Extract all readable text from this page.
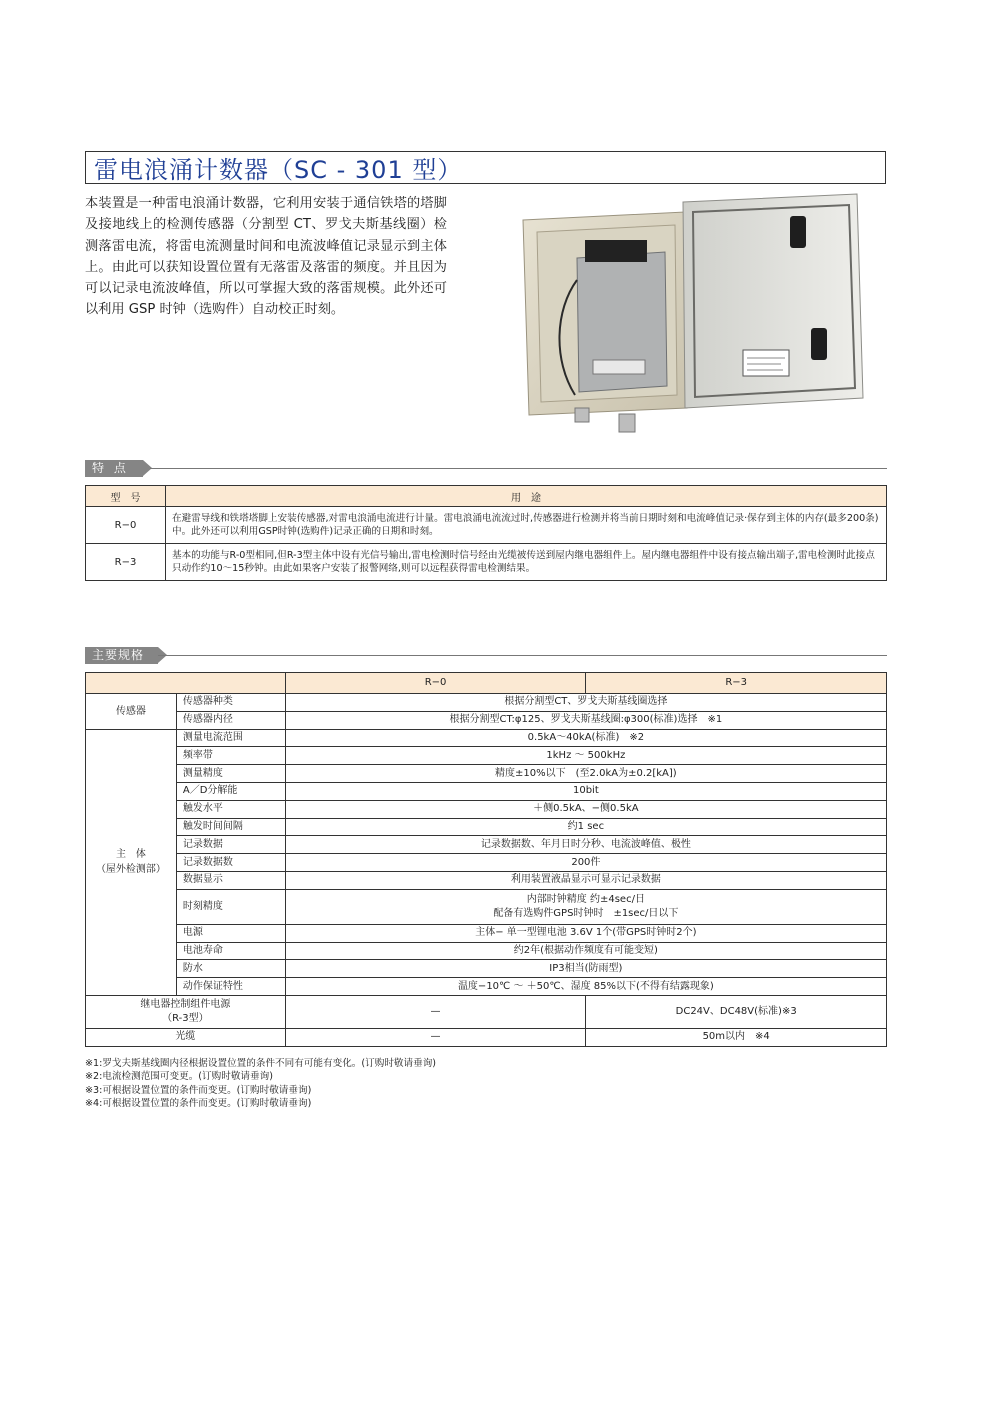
雷电浪涌计数器（SC - 301 型）
本装置是一种雷电浪涌计数器，它利用安装于通信铁塔的塔脚及接地线上的检测传感器（分割型 CT、罗戈夫斯基线圈）检测落雷电流，将雷电流测量时间和电流波峰值记录显示到主体上。由此可以获知设置位置有无落雷及落雷的频度。并且因为可以记录电流波峰值，所以可掌握大致的落雷规模。此外还可以利用 GSP 时钟（选购件）自动校正时刻。
特 点
型　号	用　途
R−0	在避雷导线和铁塔塔脚上安装传感器,对雷电浪涌电流进行计量。雷电浪涌电流流过时,传感器进行检测并将当前日期时刻和电流峰值记录·保存到主体的内存(最多200条)中。此外还可以利用GSP时钟(选购件)记录正确的日期和时刻。
R−3	基本的功能与R-0型相同,但R-3型主体中设有光信号输出,雷电检测时信号经由光缆被传送到屋内继电器组件上。屋内继电器组件中设有接点输出端子,雷电检测时此接点只动作约10～15秒钟。由此如果客户安装了报警网络,则可以远程获得雷电检测结果。
主要规格
		R−0	R−3
传感器	传感器种类	根据分割型CT、罗戈夫斯基线圈选择	
	传感器内径	根据分割型CT:φ125、罗戈夫斯基线圈:φ300(标准)选择　※1	
主　体
（屋外检测部）	测量电流范围	0.5kA～40kA(标准)　※2	
	频率带	1kHz ～ 500kHz	
	测量精度	精度±10%以下　(至2.0kA为±0.2[kA])	
	A／D分解能	10bit	
	触发水平	＋侧0.5kA、−侧0.5kA	
	触发时间间隔	约1 sec	
	记录数据	记录数据数、年月日时分秒、电流波峰值、极性	
	记录数据数	200件	
	数据显示	利用装置液晶显示可显示记录数据	
	时刻精度	内部时钟精度 约±4sec/日
配备有选购件GPS时钟时　±1sec/日以下	
	电源	主体− 单一型锂电池 3.6V 1个(带GPS时钟时2个)	
	电池寿命	约2年(根据动作频度有可能变短)	
	防水	IP3相当(防雨型)	
	动作保证特性	温度−10℃ ～ ＋50℃、湿度 85%以下(不得有结露现象)	
继电器控制组件电源
（R-3型）		—	DC24V、DC48V(标准)※3
光缆		—	50m以内　※4
※1:罗戈夫斯基线圈内径根据设置位置的条件不同有可能有变化。(订购时敬请垂询)
※2:电流检测范围可变更。(订购时敬请垂询)
※3:可根据设置位置的条件而变更。(订购时敬请垂询)
※4:可根据设置位置的条件而变更。(订购时敬请垂询)
